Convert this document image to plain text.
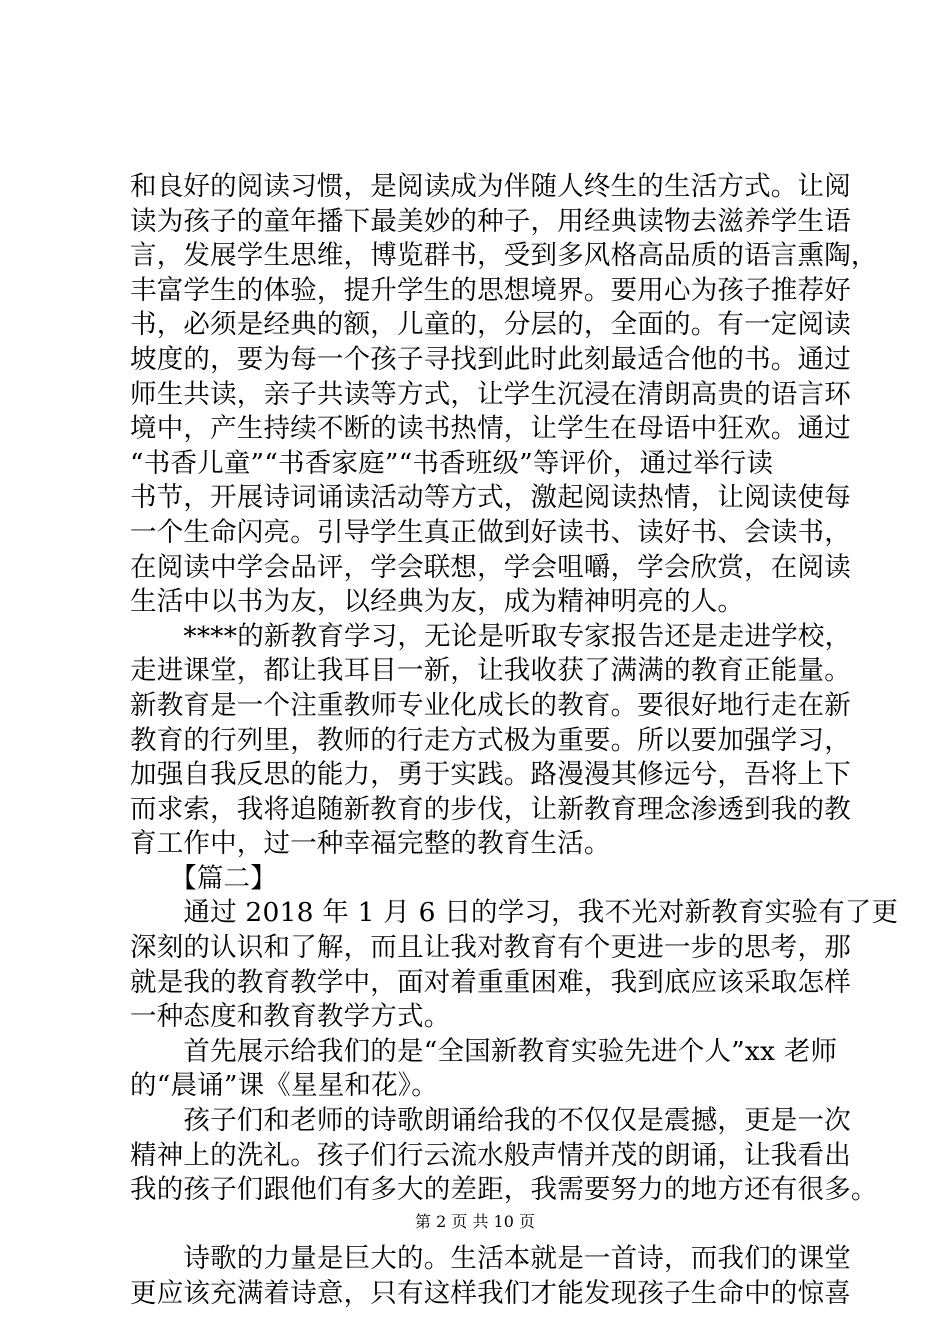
和良好的阅读习惯，是阅读成为伴随人终生的生活方式。让阅
读为孩子的童年播下最美妙的种子，用经典读物去滋养学生语
言，发展学生思维，博览群书，受到多风格高品质的语言熏陶，
丰富学生的体验，提升学生的思想境界。要用心为孩子推荐好
书，必须是经典的额，儿童的，分层的，全面的。有一定阅读
坡度的，要为每一个孩子寻找到此时此刻最适合他的书。通过
师生共读，亲子共读等方式，让学生沉浸在清朗高贵的语言环
境中，产生持续不断的读书热情，让学生在母语中狂欢。通过
“书香儿童”“书香家庭”“书香班级”等评价，通过举行读
书节，开展诗词诵读活动等方式，激起阅读热情，让阅读使每
一个生命闪亮。引导学生真正做到好读书、读好书、会读书，
在阅读中学会品评，学会联想，学会咀嚼，学会欣赏，在阅读
生活中以书为友，以经典为友，成为精神明亮的人。
　　****的新教育学习，无论是听取专家报告还是走进学校，
走进课堂，都让我耳目一新，让我收获了满满的教育正能量。
新教育是一个注重教师专业化成长的教育。要很好地行走在新
教育的行列里，教师的行走方式极为重要。所以要加强学习，
加强自我反思的能力，勇于实践。路漫漫其修远兮，吾将上下
而求索，我将追随新教育的步伐，让新教育理念渗透到我的教
育工作中，过一种幸福完整的教育生活。
　　【篇二】
　　通过 2018 年 1 月 6 日的学习，我不光对新教育实验有了更
深刻的认识和了解，而且让我对教育有个更进一步的思考，那
就是我的教育教学中，面对着重重困难，我到底应该采取怎样
一种态度和教育教学方式。
　　首先展示给我们的是“全国新教育实验先进个人”xx 老师
的“晨诵”课《星星和花》。
　　孩子们和老师的诗歌朗诵给我的不仅仅是震撼，更是一次
精神上的洗礼。孩子们行云流水般声情并茂的朗诵，让我看出
我的孩子们跟他们有多大的差距，我需要努力的地方还有很多。
　　诗歌的力量是巨大的。生活本就是一首诗，而我们的课堂
更应该充满着诗意，只有这样我们才能发现孩子生命中的惊喜
第 2 页 共 10 页
